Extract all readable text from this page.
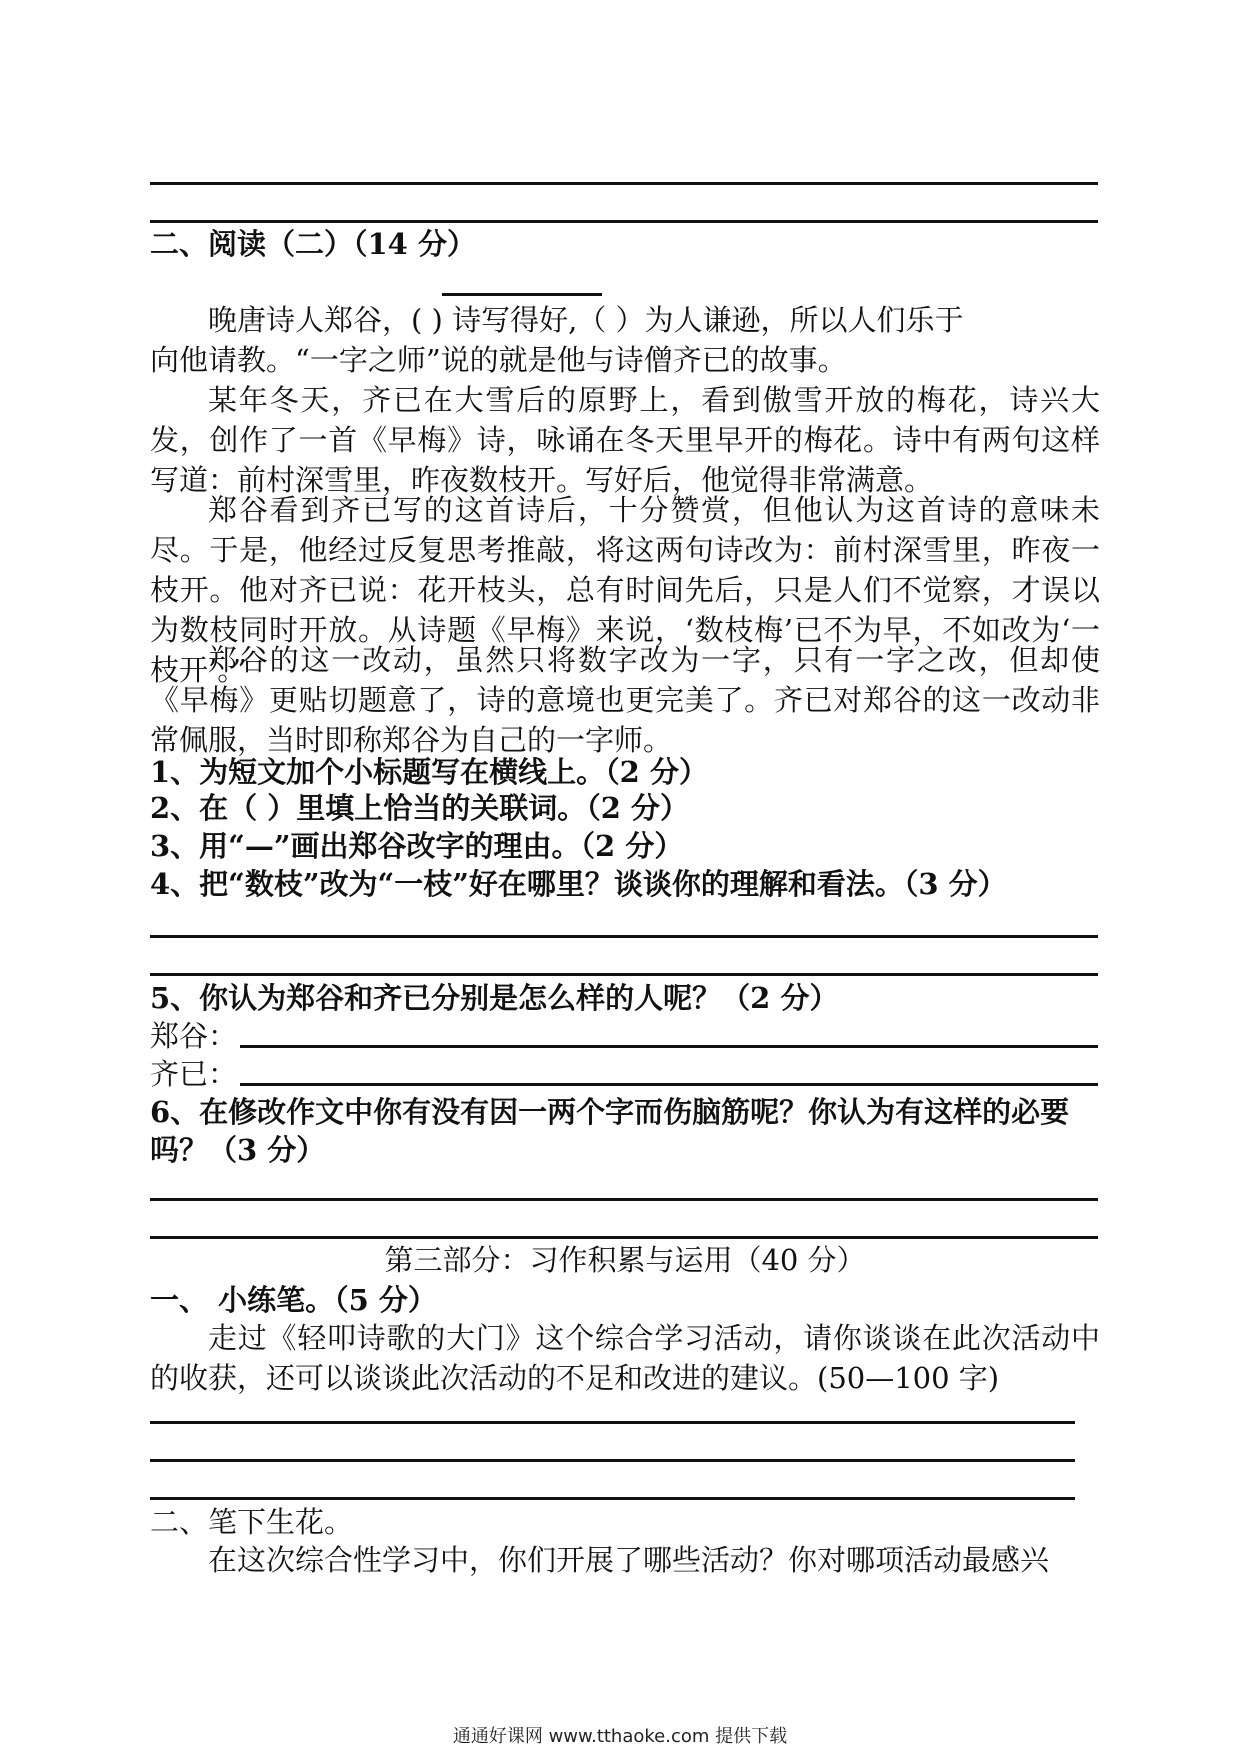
二、阅读（二）（14 分）
晚唐诗人郑谷，( ) 诗写得好,（ ）为人谦逊，所以人们乐于
向他请教。“一字之师”说的就是他与诗僧齐已的故事。
某年冬天，齐已在大雪后的原野上，看到傲雪开放的梅花，诗兴大发，创作了一首《早梅》诗，咏诵在冬天里早开的梅花。诗中有两句这样写道：前村深雪里，昨夜数枝开。写好后，他觉得非常满意。
郑谷看到齐已写的这首诗后，十分赞赏，但他认为这首诗的意味未尽。于是，他经过反复思考推敲，将这两句诗改为：前村深雪里，昨夜一枝开。他对齐已说：花开枝头，总有时间先后，只是人们不觉察，才误以为数枝同时开放。从诗题《早梅》来说，‘数枝梅’已不为早，不如改为‘一枝开’。”
郑谷的这一改动，虽然只将数字改为一字，只有一字之改，但却使《早梅》更贴切题意了，诗的意境也更完美了。齐已对郑谷的这一改动非常佩服，当时即称郑谷为自己的一字师。
1、为短文加个小标题写在横线上。（2 分）
2、在（ ）里填上恰当的关联词。（2 分）
3、用“—”画出郑谷改字的理由。（2 分）
4、把“数枝”改为“一枝”好在哪里？谈谈你的理解和看法。（3 分）
5、你认为郑谷和齐已分别是怎么样的人呢？（2 分）
郑谷：
齐已：
6、在修改作文中你有没有因一两个字而伤脑筋呢？你认为有这样的必要
吗？（3 分）
第三部分：习作积累与运用（40 分）
一、 小练笔。（5 分）
走过《轻叩诗歌的大门》这个综合学习活动，请你谈谈在此次活动中的收获，还可以谈谈此次活动的不足和改进的建议。(50—100 字)
二、笔下生花。
在这次综合性学习中，你们开展了哪些活动？你对哪项活动最感兴
通通好课网 www.tthaoke.com 提供下载
